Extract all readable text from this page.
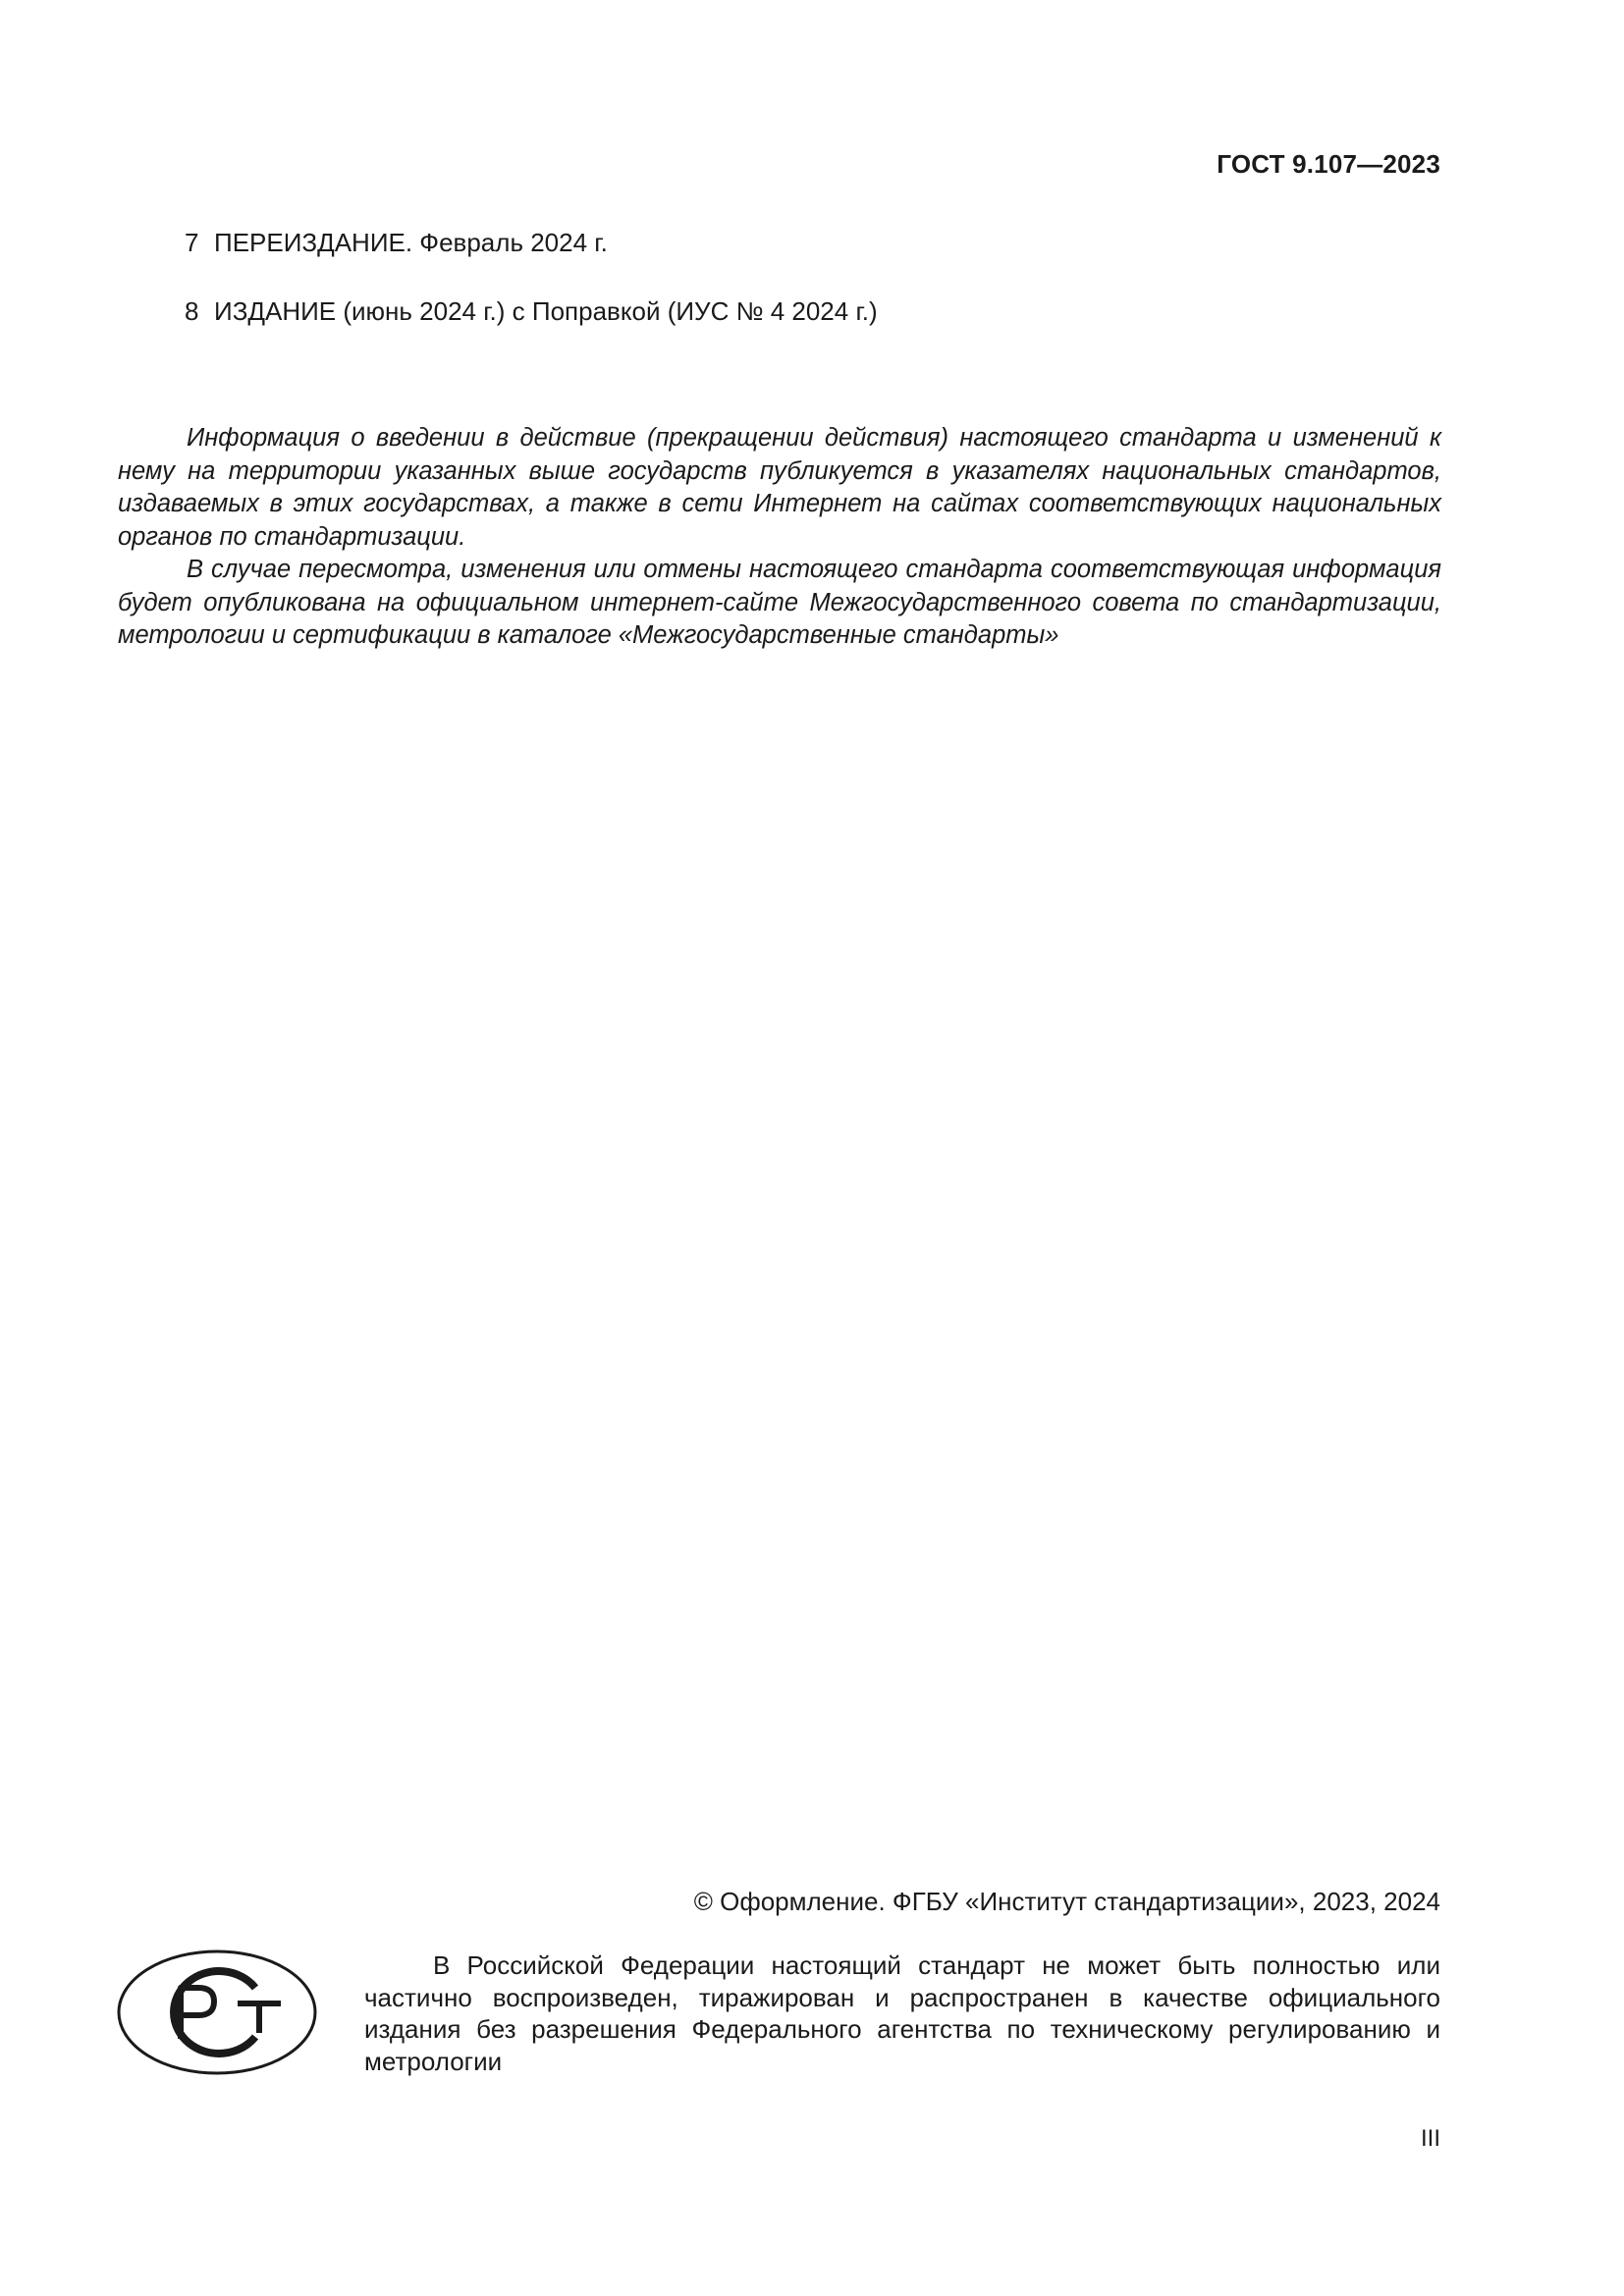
ГОСТ 9.107—2023
7 ПЕРЕИЗДАНИЕ. Февраль 2024 г.
8 ИЗДАНИЕ (июнь 2024 г.) с Поправкой (ИУС № 4 2024 г.)

Информация о введении в действие (прекращении действия) настоящего стандарта и изменений к нему на территории указанных выше государств публикуется в указателях национальных стандартов, издаваемых в этих государствах, а также в сети Интернет на сайтах соответствующих национальных органов по стандартизации.

В случае пересмотра, изменения или отмены настоящего стандарта соответствующая информация будет опубликована на официальном интернет-сайте Межгосударственного совета по стандартизации, метрологии и сертификации в каталоге «Межгосударственные стандарты»

© Оформление. ФГБУ «Институт стандартизации», 2023, 2024

В Российской Федерации настоящий стандарт не может быть полностью или частично воспроизведен, тиражирован и распространен в качестве официального издания без разрешения Федерального агентства по техническому регулированию и метрологии

III
